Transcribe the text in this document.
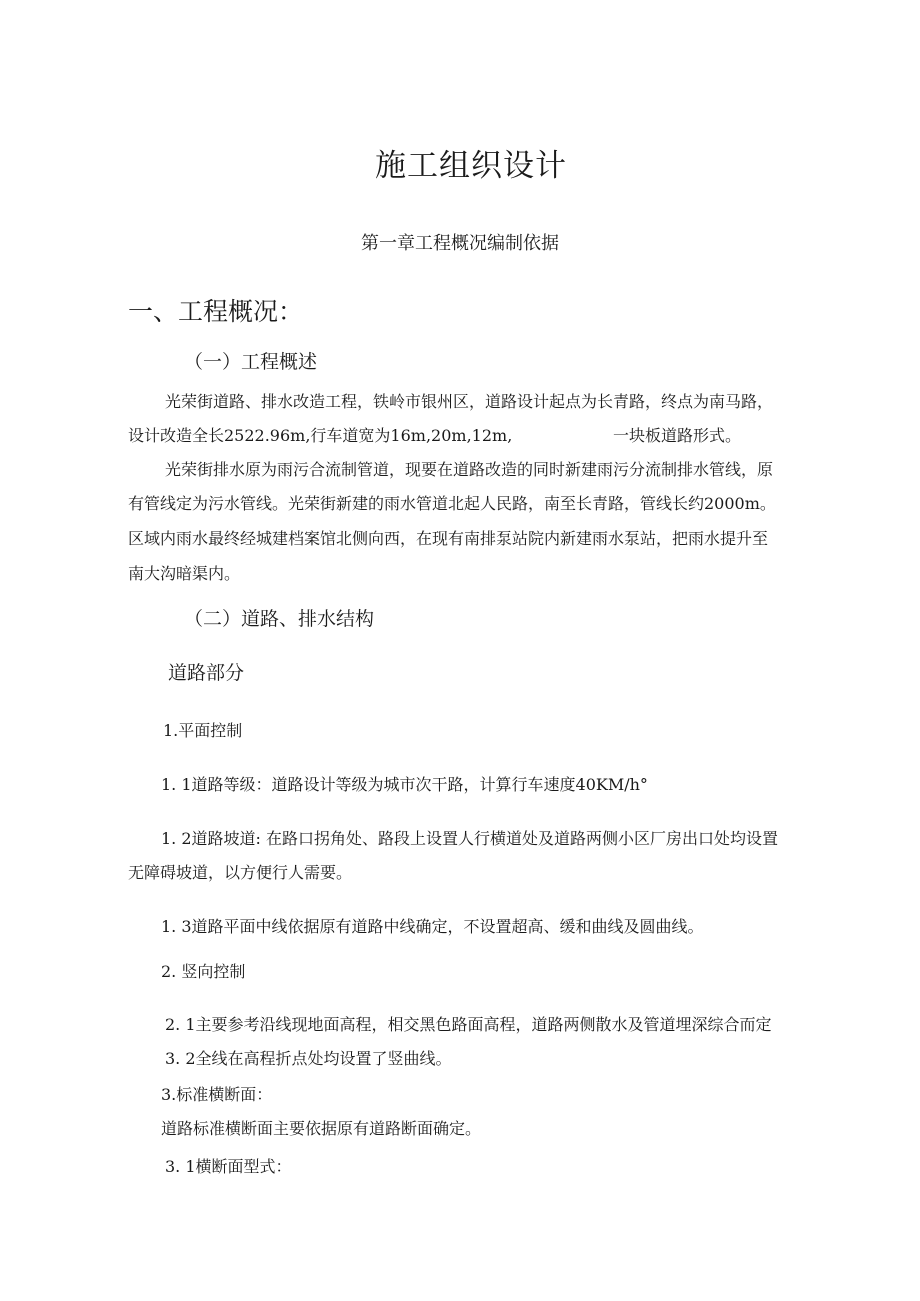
施工组织设计
第一章工程概况编制依据
一、工程概况：
（一）工程概述
光荣街道路、排水改造工程，铁岭市银州区，道路设计起点为长青路，终点为南马路，
设计改造全长2522.96m,行车道宽为16m,20m,12m,	一块板道路形式。
光荣街排水原为雨污合流制管道，现要在道路改造的同时新建雨污分流制排水管线，原
有管线定为污水管线。光荣街新建的雨水管道北起人民路，南至长青路，管线长约2000m。
区域内雨水最终经城建档案馆北侧向西，在现有南排泵站院内新建雨水泵站，把雨水提升至
南大沟暗渠内。
（二）道路、排水结构
道路部分
1.平面控制
1. 1道路等级：道路设计等级为城市次干路，计算行车速度40KM∕h°
1. 2道路坡道: 在路口拐角处、路段上设置人行横道处及道路两侧小区厂房出口处均设置
无障碍坡道，以方便行人需要。
1. 3道路平面中线依据原有道路中线确定，不设置超高、缓和曲线及圆曲线。
2. 竖向控制
2. 1主要参考沿线现地面高程，相交黑色路面高程，道路两侧散水及管道埋深综合而定
3. 2全线在高程折点处均设置了竖曲线。
3.标准横断面：
道路标准横断面主要依据原有道路断面确定。
3. 1横断面型式：
